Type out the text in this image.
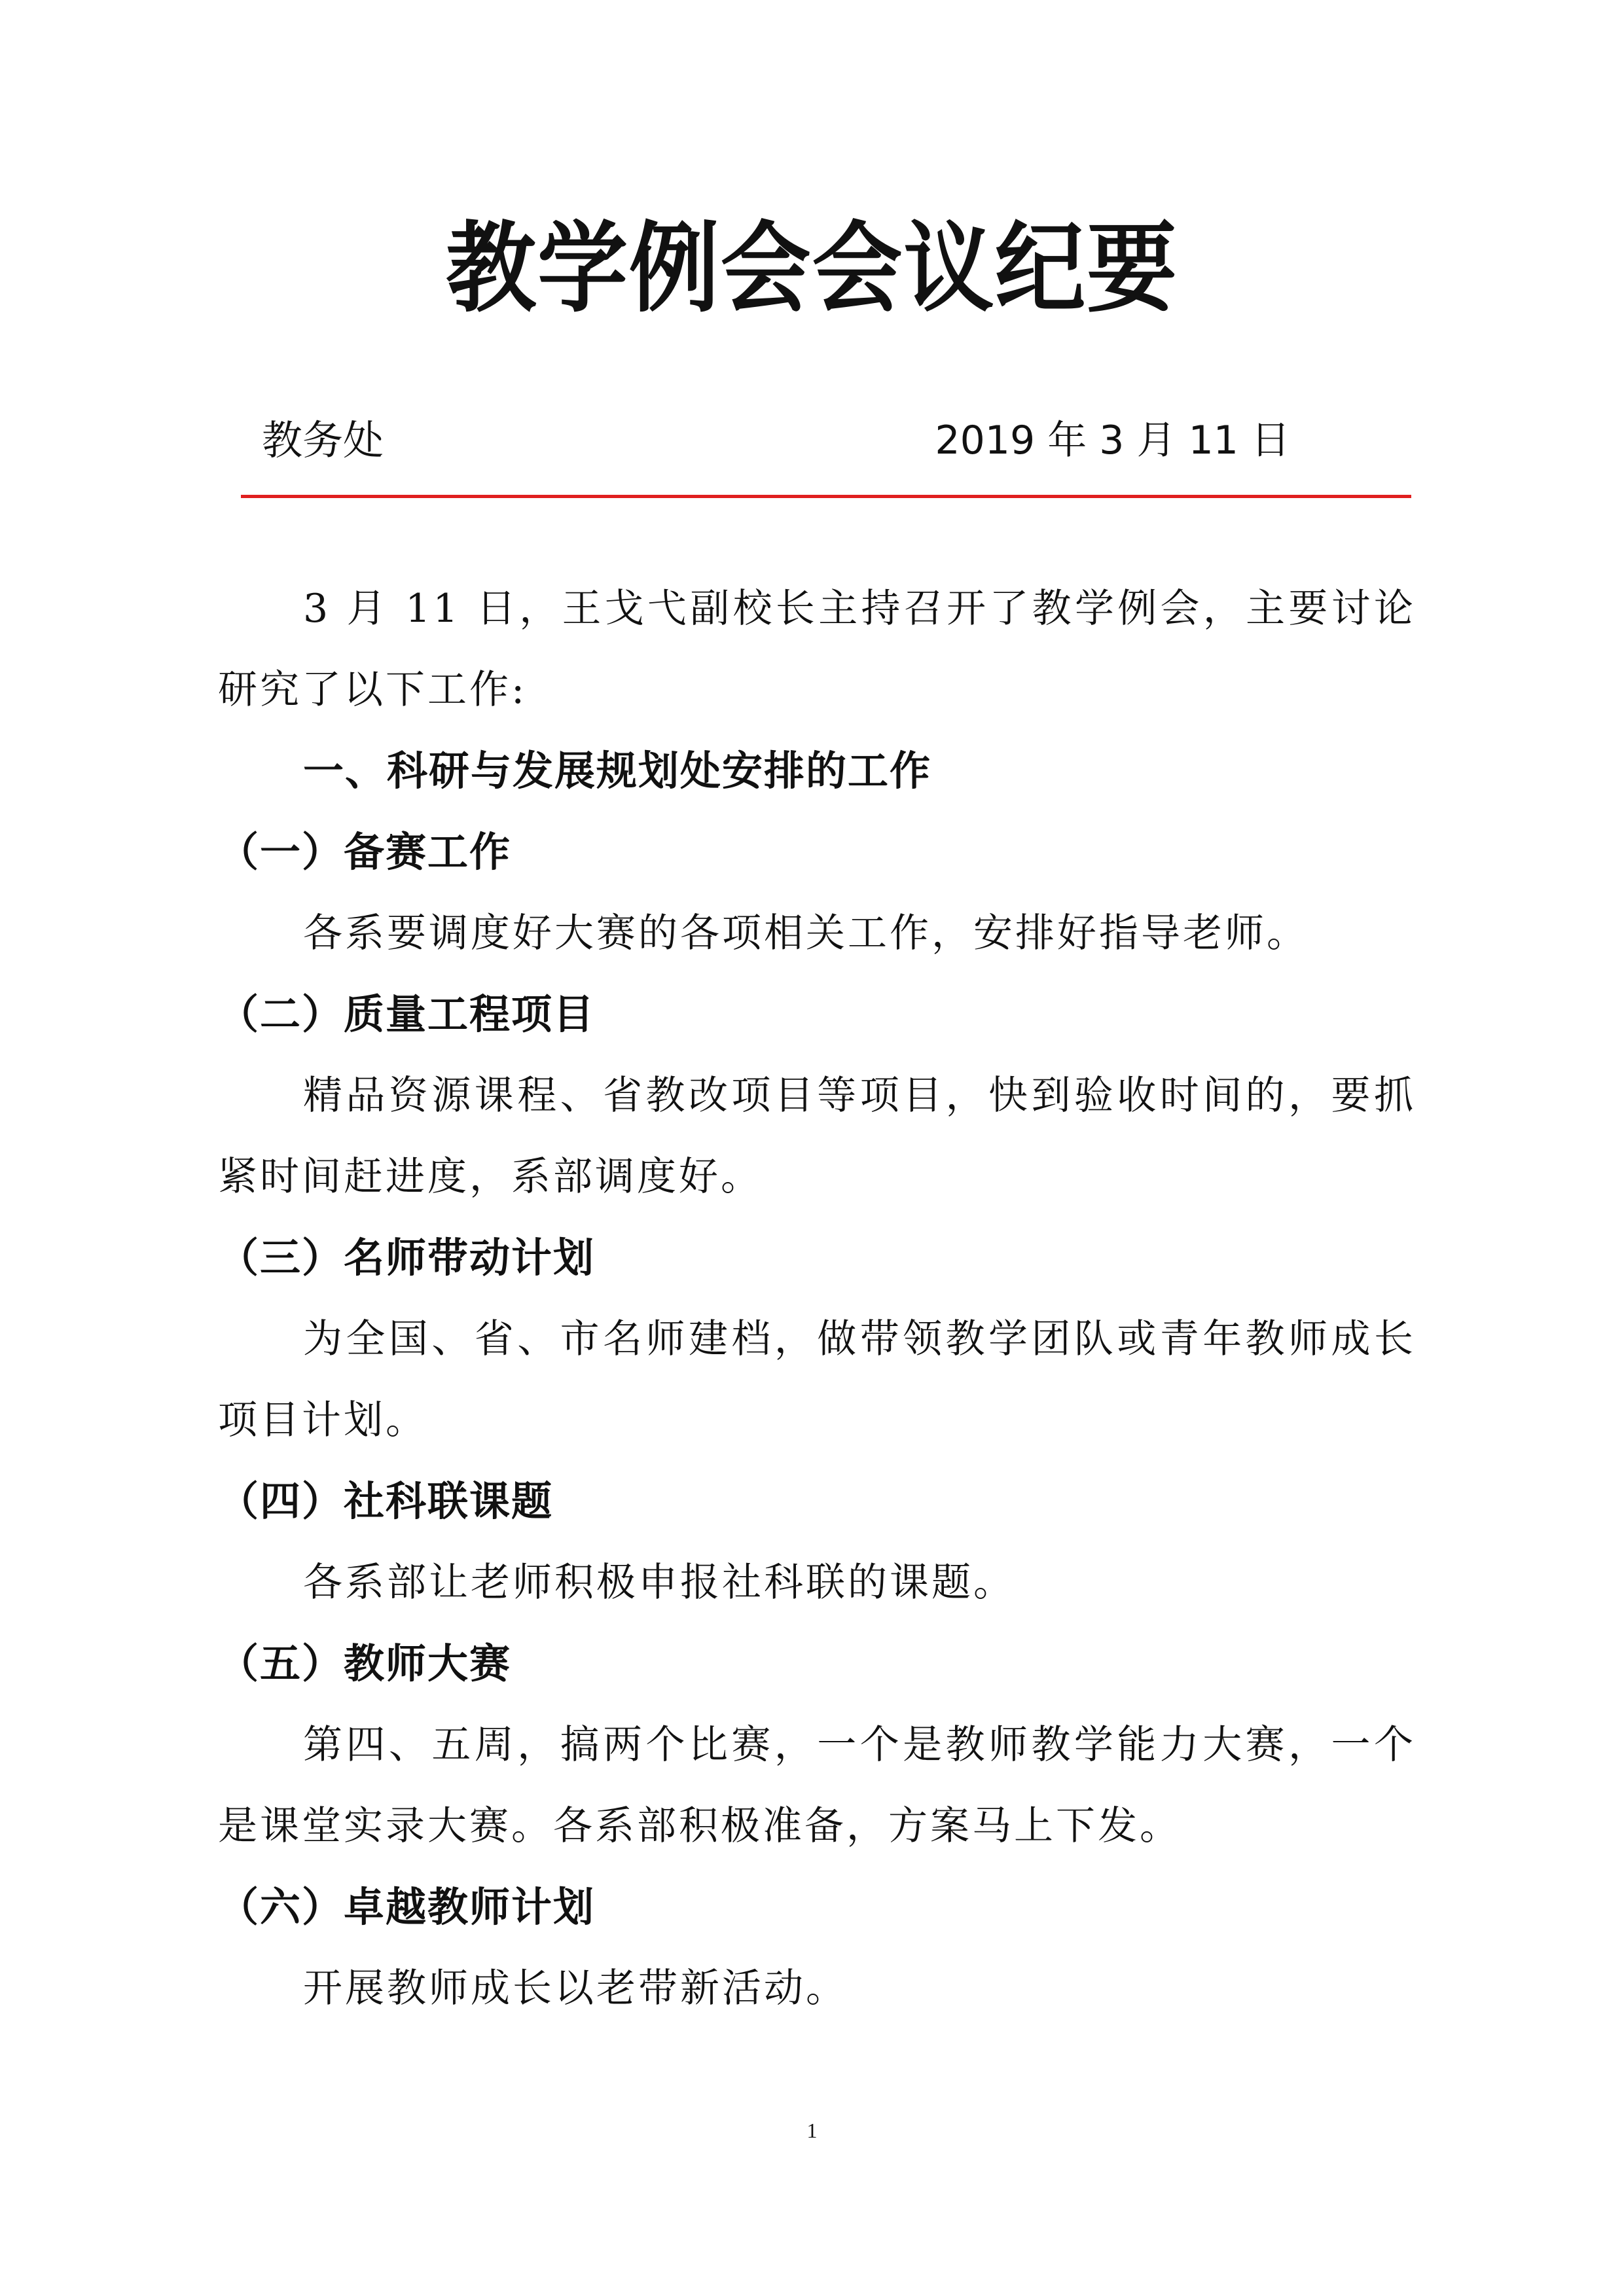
教学例会会议纪要
教务处	2019 年 3 月 11 日

3 月 11 日，王戈弋副校长主持召开了教学例会，主要讨论研究了以下工作:

一、科研与发展规划处安排的工作

（一）备赛工作

各系要调度好大赛的各项相关工作，安排好指导老师。

（二）质量工程项目

精品资源课程、省教改项目等项目，快到验收时间的，要抓紧时间赶进度，系部调度好。

（三）名师带动计划

为全国、省、市名师建档，做带领教学团队或青年教师成长项目计划。

（四）社科联课题

各系部让老师积极申报社科联的课题。

（五）教师大赛

第四、五周，搞两个比赛，一个是教师教学能力大赛，一个是课堂实录大赛。各系部积极准备，方案马上下发。

（六）卓越教师计划

开展教师成长以老带新活动。

1
